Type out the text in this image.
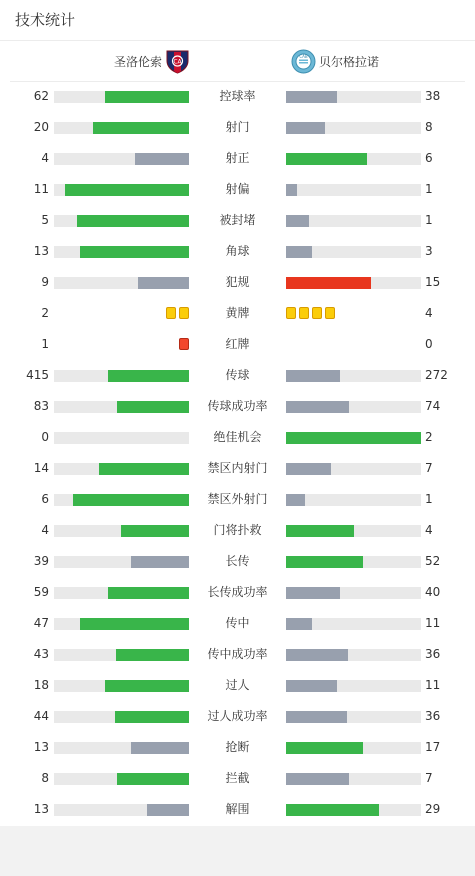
技术统计
圣洛伦索 CA
CAB 贝尔格拉诺
62	控球率	38
20	射门	8
4	射正	6
11	射偏	1
5	被封堵	1
13	角球	3
9	犯规	15
2	黄牌	4
1	红牌	0
415	传球	272
83	传球成功率	74
0	绝佳机会	2
14	禁区内射门	7
6	禁区外射门	1
4	门将扑救	4
39	长传	52
59	长传成功率	40
47	传中	11
43	传中成功率	36
18	过人	11
44	过人成功率	36
13	抢断	17
8	拦截	7
13	解围	29
